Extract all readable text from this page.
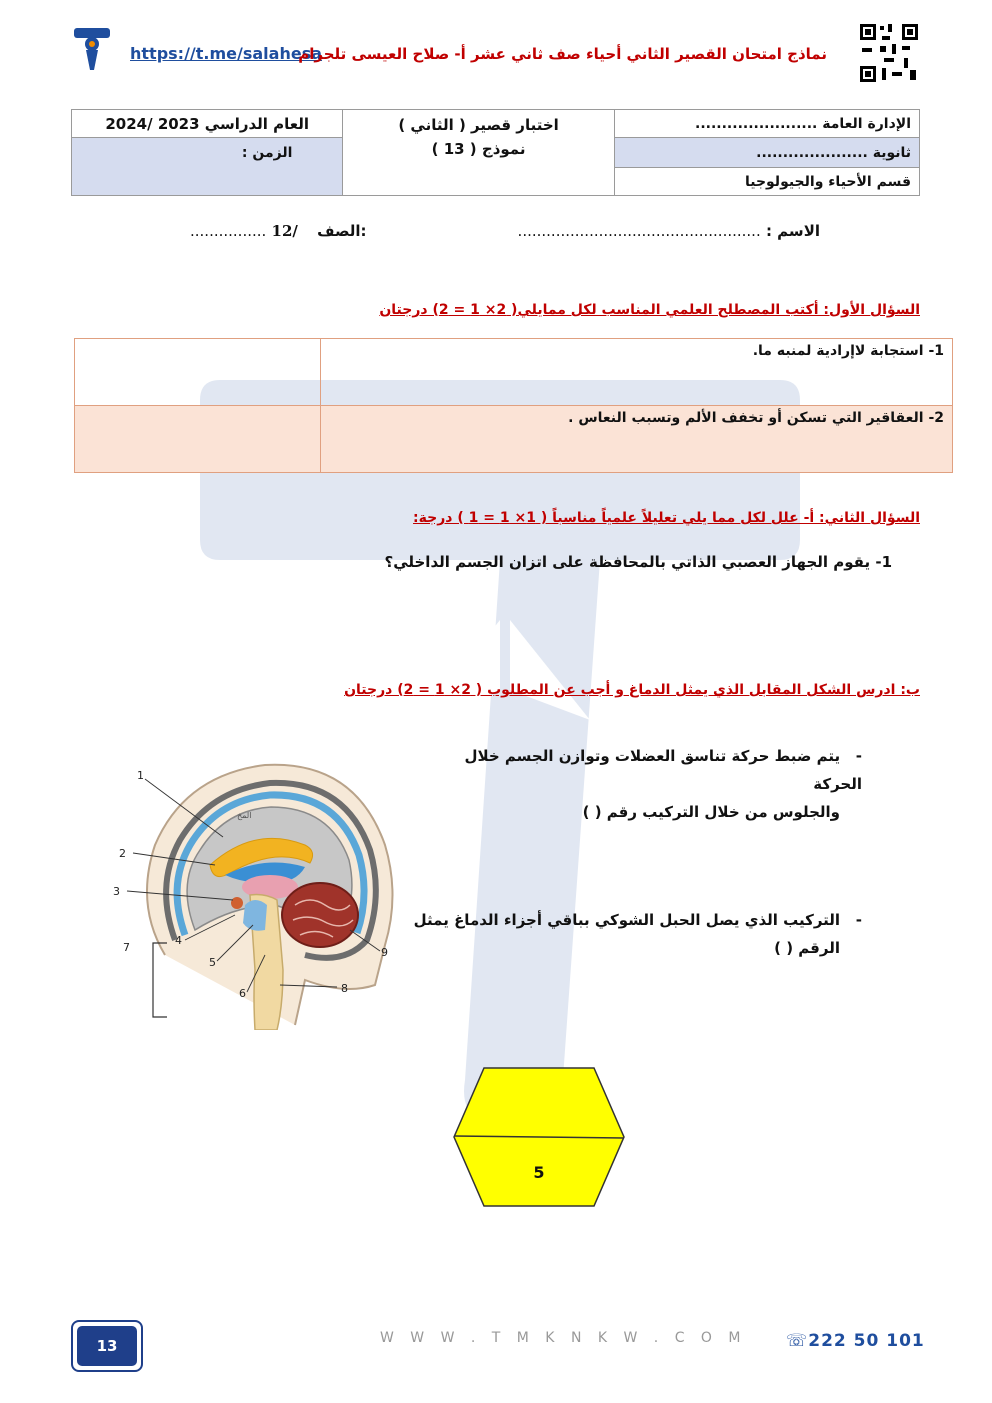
https://t.me/salahesa
نماذج امتحان القصير الثاني أحياء صف ثاني عشر أ- صلاح العيسى تلجرام
الإدارة العامة .......................	اختبار قصير ( الثاني )
نموذج ( 13 )	العام الدراسي 2023 /2024
ثانوية .....................		الزمن :
قسم الأحياء والجيولوجيا		
الاسم : ...................................................
................ 12/ الصف:
السؤال الأول: أكتب المصطلح العلمي المناسب لكل ممايلي( 2× 1 = 2) درجتان
1- استجابة لاإرادية لمنبه ما.	
2- العقاقير التي تسكن أو تخفف الألم وتسبب النعاس .	
السؤال الثاني: أ- علل لكل مما يلي تعليلاً علمياً مناسباً ( 1× 1 = 1 ) درجة:
1- يقوم الجهاز العصبي الذاتي بالمحافظة على اتزان الجسم الداخلي؟
ب: ادرس الشكل المقابل الذي يمثل الدماغ و أجب عن المطلوب ( 2× 1 = 2) درجتان
-   يتم ضبط حركة تناسق العضلات وتوازن الجسم خلال الحركة
والجلوس من خلال التركيب رقم ( )
-   التركيب الذي يصل الحبل الشوكي بباقي أجزاء الدماغ يمثل
الرقم ( )
المخ
1
2
3
4
5
6
7
8
9
5
13	W W W . T M K N K W . C O M ☏222 50 101
